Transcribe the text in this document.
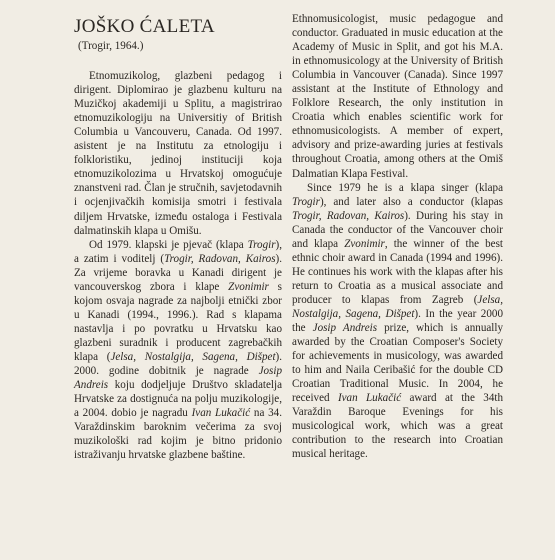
JOŠKO ĆALETA
(Trogir, 1964.)

Etnomuzikolog, glazbeni pedagog i dirigent. Diplomirao je glazbenu kulturu na Muzičkoj akademiji u Splitu, a magistrirao etnomuzikologiju na Universitiy of British Columbia u Vancouveru, Canada. Od 1997. asistent je na Institutu za etnologiju i folkloristiku, jedinoj instituciji koja etnomuzikolozima u Hrvatskoj omogućuje znanstveni rad. Član je stručnih, savjetodavnih i ocjenjivačkih komisija smotri i festivala diljem Hrvatske, između ostaloga i Festivala dalmatinskih klapa u Omišu.

Od 1979. klapski je pjevač (klapa Trogir), a zatim i voditelj (Trogir, Radovan, Kairos). Za vrijeme boravka u Kanadi dirigent je vancouverskog zbora i klape Zvonimir s kojom osvaja nagrade za najbolji etnički zbor u Kanadi (1994., 1996.). Rad s klapama nastavlja i po povratku u Hrvatsku kao glazbeni suradnik i producent zagrebačkih klapa (Jelsa, Nostalgija, Sagena, Dišpet). 2000. godine dobitnik je nagrade Josip Andreis koju dodjeljuje Društvo skladatelja Hrvatske za dostignuća na polju muzikologije, a 2004. dobio je nagradu Ivan Lukačić na 34. Varaždinskim baroknim večerima za svoj muzikološki rad kojim je bitno pridonio istraživanju hrvatske glazbene baštine.

Ethnomusicologist, music pedagogue and conductor. Graduated in music education at the Academy of Music in Split, and got his M.A. in ethnomusicology at the University of British Columbia in Vancouver (Canada). Since 1997 assistant at the Institute of Ethnology and Folklore Research, the only institution in Croatia which enables scientific work for ethnomusicologists. A member of expert, advisory and prize-awarding juries at festivals throughout Croatia, among others at the Omiš Dalmatian Klapa Festival.

Since 1979 he is a klapa singer (klapa Trogir), and later also a conductor (klapas Trogir, Radovan, Kairos). During his stay in Canada the conductor of the Vancouver choir and klapa Zvonimir, the winner of the best ethnic choir award in Canada (1994 and 1996). He continues his work with the klapas after his return to Croatia as a musical associate and producer to klapas from Zagreb (Jelsa, Nostalgija, Sagena, Dišpet). In the year 2000 the Josip Andreis prize, which is annually awarded by the Croatian Composer's Society for achievements in musicology, was awarded to him and Naila Ceribašić for the double CD Croatian Traditional Music. In 2004, he received Ivan Lukačić award at the 34th Varaždin Baroque Evenings for his musicological work, which was a great contribution to the research into Croatian musical heritage.
